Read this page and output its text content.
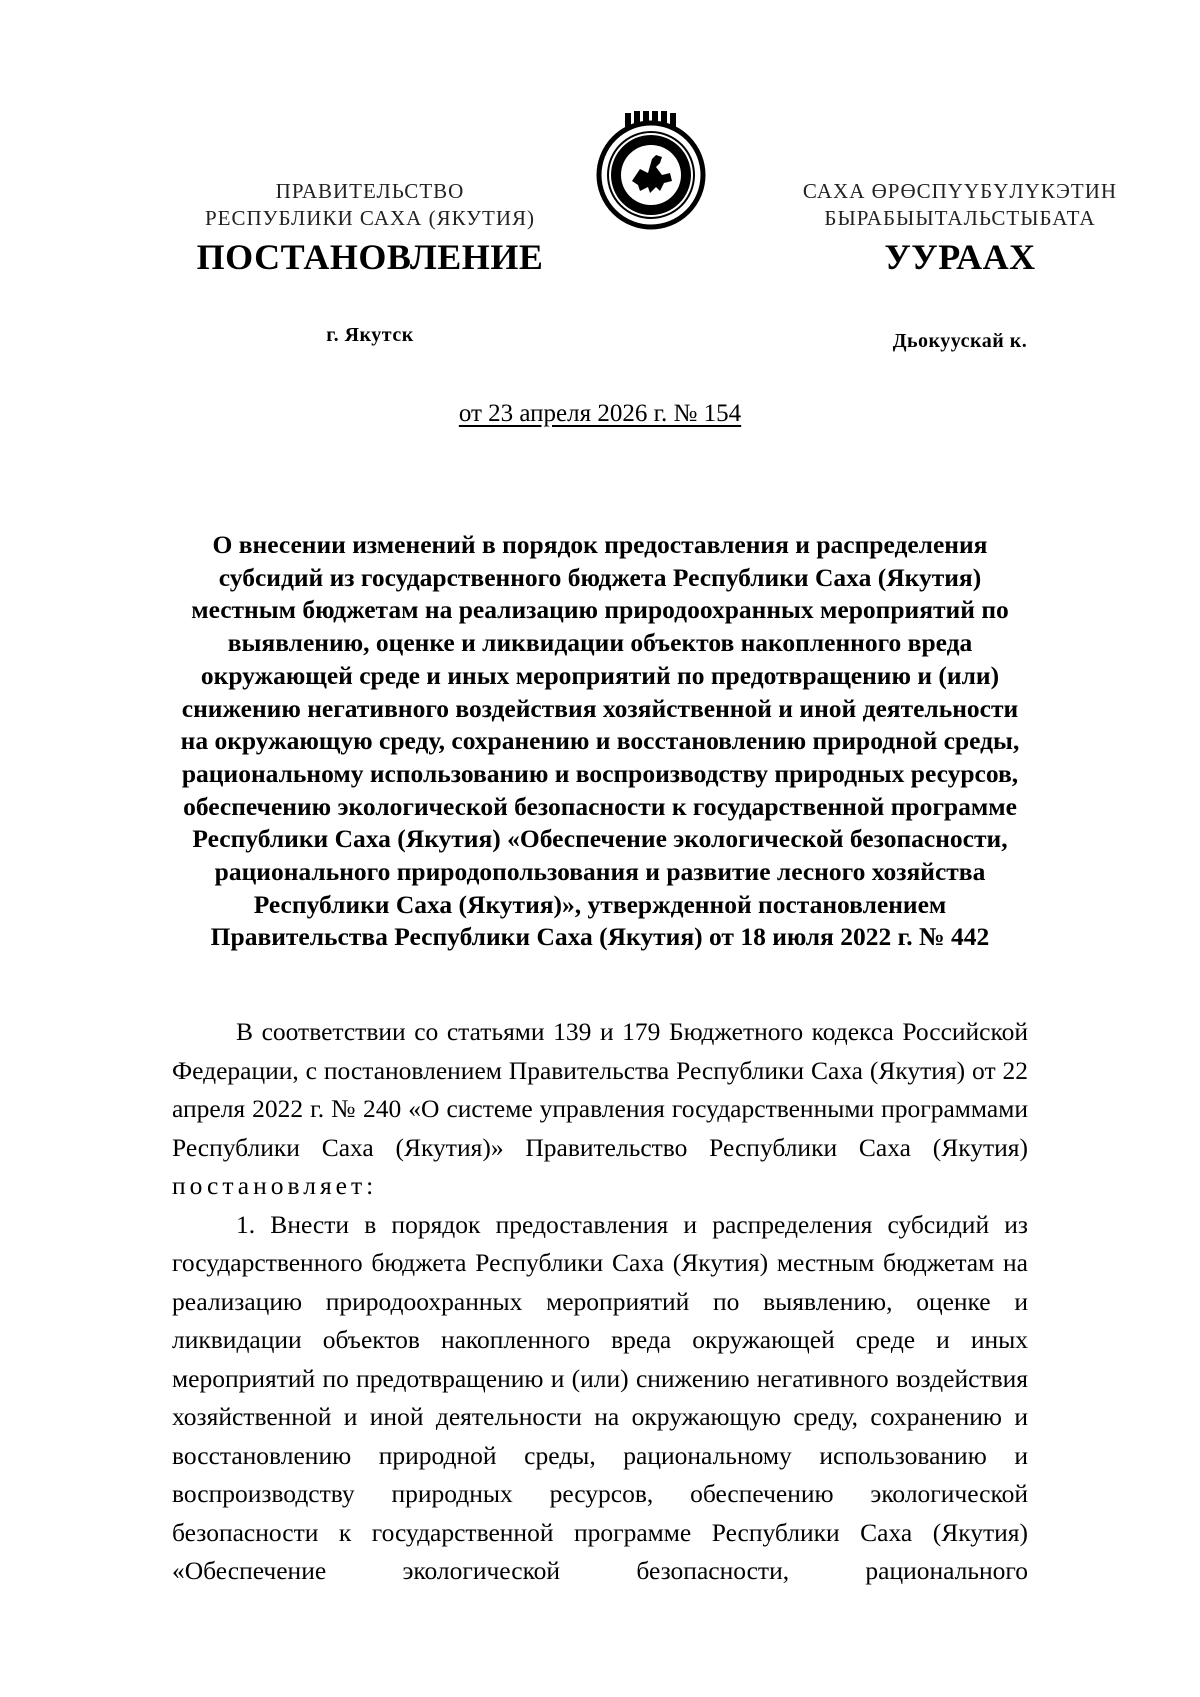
ПРАВИТЕЛЬСТВО
РЕСПУБЛИКИ САХА (ЯКУТИЯ)
САХА ӨРӨСПҮҮБҮЛҮКЭТИН
БЫРАБЫЫТАЛЬСТЫБАТА
ПОСТАНОВЛЕНИЕ	УУРААХ
г. Якутск	Дьокуускай к.
от 23 апреля 2026 г. № 154
О внесении изменений в порядок предоставления и распределения субсидий из государственного бюджета Республики Саха (Якутия) местным бюджетам на реализацию природоохранных мероприятий по выявлению, оценке и ликвидации объектов накопленного вреда окружающей среде и иных мероприятий по предотвращению и (или) снижению негативного воздействия хозяйственной и иной деятельности на окружающую среду, сохранению и восстановлению природной среды, рациональному использованию и воспроизводству природных ресурсов, обеспечению экологической безопасности к государственной программе Республики Саха (Якутия) «Обеспечение экологической безопасности, рационального природопользования и развитие лесного хозяйства Республики Саха (Якутия)», утвержденной постановлением Правительства Республики Саха (Якутия) от 18 июля 2022 г. № 442

В соответствии со статьями 139 и 179 Бюджетного кодекса Российской Федерации, с постановлением Правительства Республики Саха (Якутия) от 22 апреля 2022 г. № 240 «О системе управления государственными программами Республики Саха (Якутия)» Правительство Республики Саха (Якутия) постановляет:

1. Внести в порядок предоставления и распределения субсидий из государственного бюджета Республики Саха (Якутия) местным бюджетам на реализацию природоохранных мероприятий по выявлению, оценке и ликвидации объектов накопленного вреда окружающей среде и иных мероприятий по предотвращению и (или) снижению негативного воздействия хозяйственной и иной деятельности на окружающую среду, сохранению и восстановлению природной среды, рациональному использованию и воспроизводству природных ресурсов, обеспечению экологической безопасности к государственной программе Республики Саха (Якутия) «Обеспечение экологической безопасности, рационального
